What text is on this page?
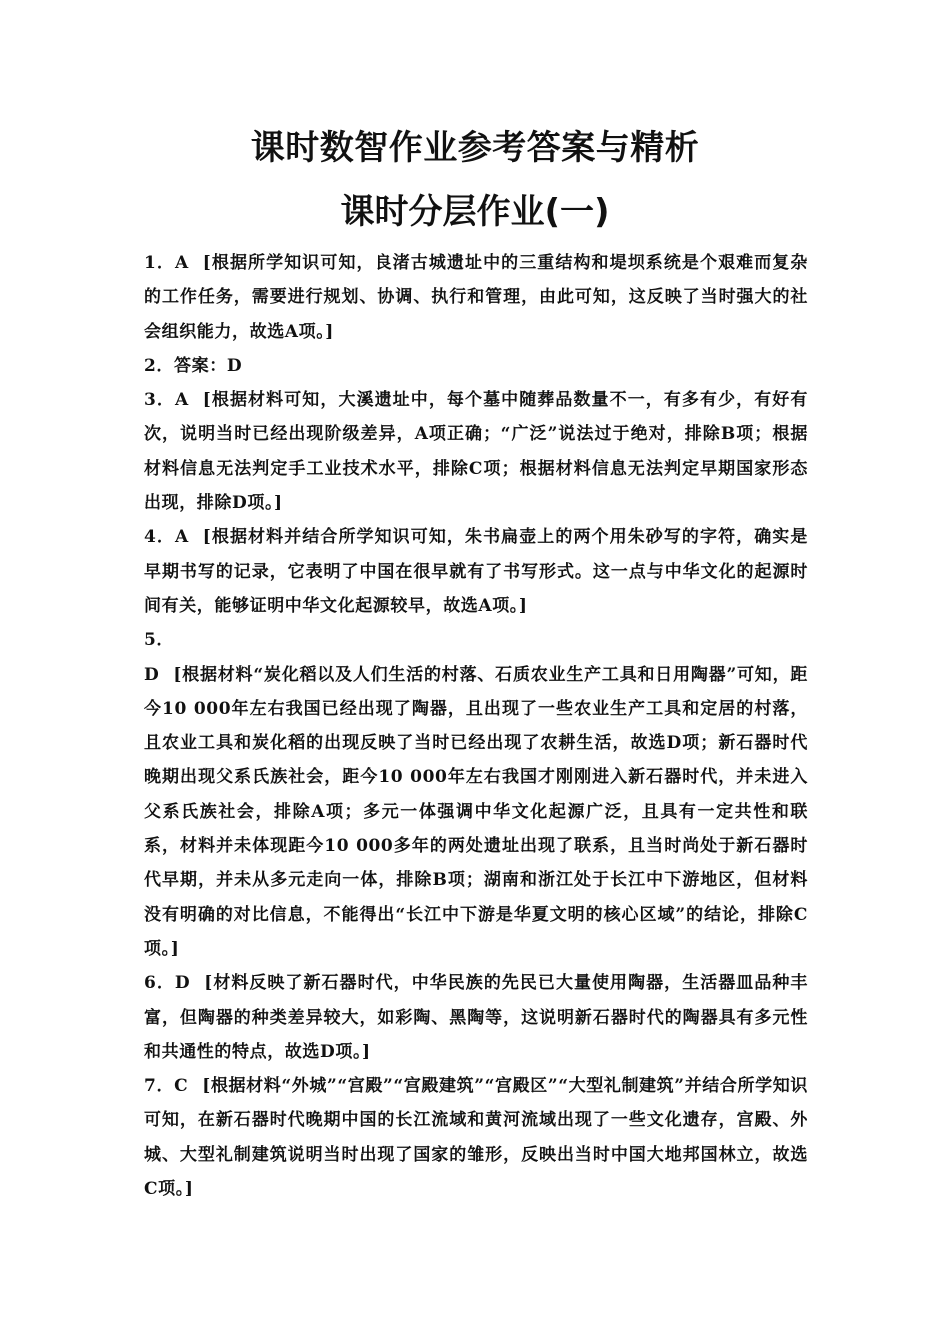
课时数智作业参考答案与精析
课时分层作业(一)

1．A [根据所学知识可知，良渚古城遗址中的三重结构和堤坝系统是个艰难而复杂的工作任务，需要进行规划、协调、执行和管理，由此可知，这反映了当时强大的社会组织能力，故选A项。]

2．答案：D

3．A [根据材料可知，大溪遗址中，每个墓中随葬品数量不一，有多有少，有好有次，说明当时已经出现阶级差异，A项正确；“广泛”说法过于绝对，排除B项；根据材料信息无法判定手工业技术水平，排除C项；根据材料信息无法判定早期国家形态出现，排除D项。]

4．A [根据材料并结合所学知识可知，朱书扁壶上的两个用朱砂写的字符，确实是早期书写的记录，它表明了中国在很早就有了书写形式。这一点与中华文化的起源时间有关，能够证明中华文化起源较早，故选A项。]

5．

D [根据材料“炭化稻以及人们生活的村落、石质农业生产工具和日用陶器”可知，距今10 000年左右我国已经出现了陶器，且出现了一些农业生产工具和定居的村落，且农业工具和炭化稻的出现反映了当时已经出现了农耕生活，故选D项；新石器时代晚期出现父系氏族社会，距今10 000年左右我国才刚刚进入新石器时代，并未进入父系氏族社会，排除A项；多元一体强调中华文化起源广泛，且具有一定共性和联系，材料并未体现距今10 000多年的两处遗址出现了联系，且当时尚处于新石器时代早期，并未从多元走向一体，排除B项；湖南和浙江处于长江中下游地区，但材料没有明确的对比信息，不能得出“长江中下游是华夏文明的核心区域”的结论，排除C项。]

6．D [材料反映了新石器时代，中华民族的先民已大量使用陶器，生活器皿品种丰富，但陶器的种类差异较大，如彩陶、黑陶等，这说明新石器时代的陶器具有多元性和共通性的特点，故选D项。]

7．C [根据材料“外城”“宫殿”“宫殿建筑”“宫殿区”“大型礼制建筑”并结合所学知识可知，在新石器时代晚期中国的长江流域和黄河流域出现了一些文化遗存，宫殿、外城、大型礼制建筑说明当时出现了国家的雏形，反映出当时中国大地邦国林立，故选C项。]
